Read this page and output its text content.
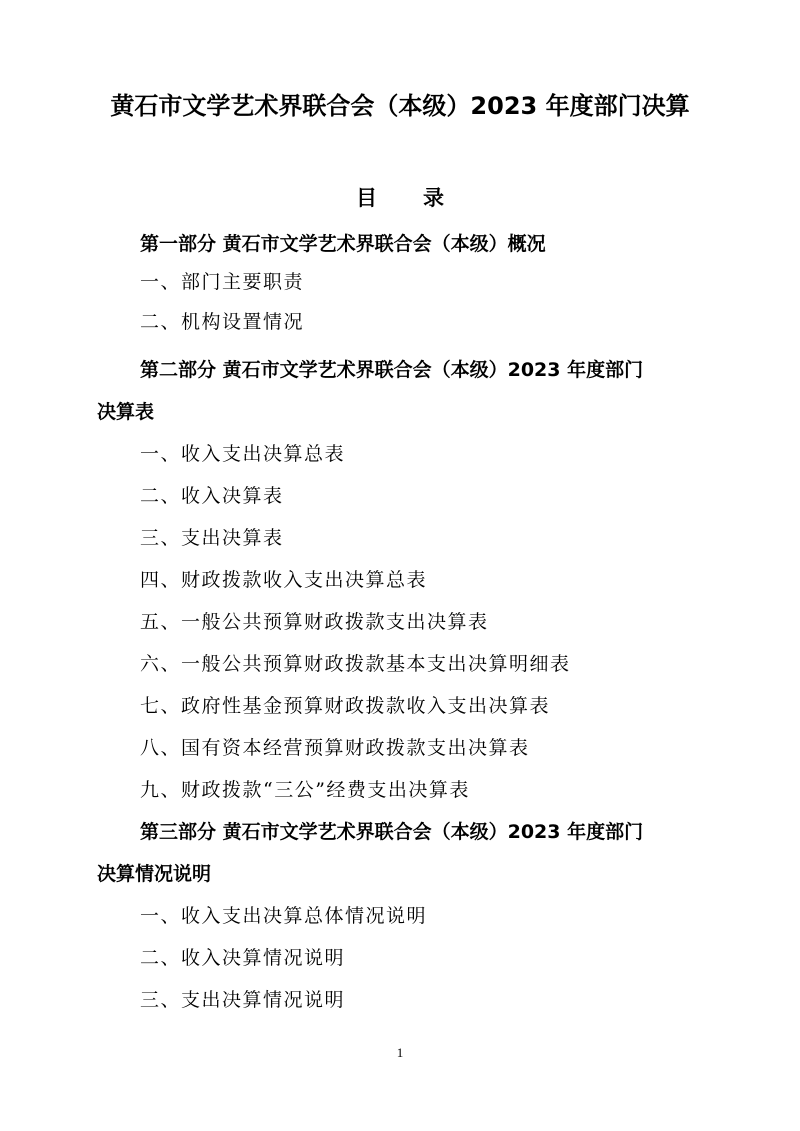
黄石市文学艺术界联合会（本级）2023 年度部门决算
目录
第一部分 黄石市文学艺术界联合会（本级）概况
一、部门主要职责
二、机构设置情况
第二部分 黄石市文学艺术界联合会（本级）2023 年度部门
决算表
一、收入支出决算总表
二、收入决算表
三、支出决算表
四、财政拨款收入支出决算总表
五、一般公共预算财政拨款支出决算表
六、一般公共预算财政拨款基本支出决算明细表
七、政府性基金预算财政拨款收入支出决算表
八、国有资本经营预算财政拨款支出决算表
九、财政拨款“三公”经费支出决算表
第三部分 黄石市文学艺术界联合会（本级）2023 年度部门
决算情况说明
一、收入支出决算总体情况说明
二、收入决算情况说明
三、支出决算情况说明
1
